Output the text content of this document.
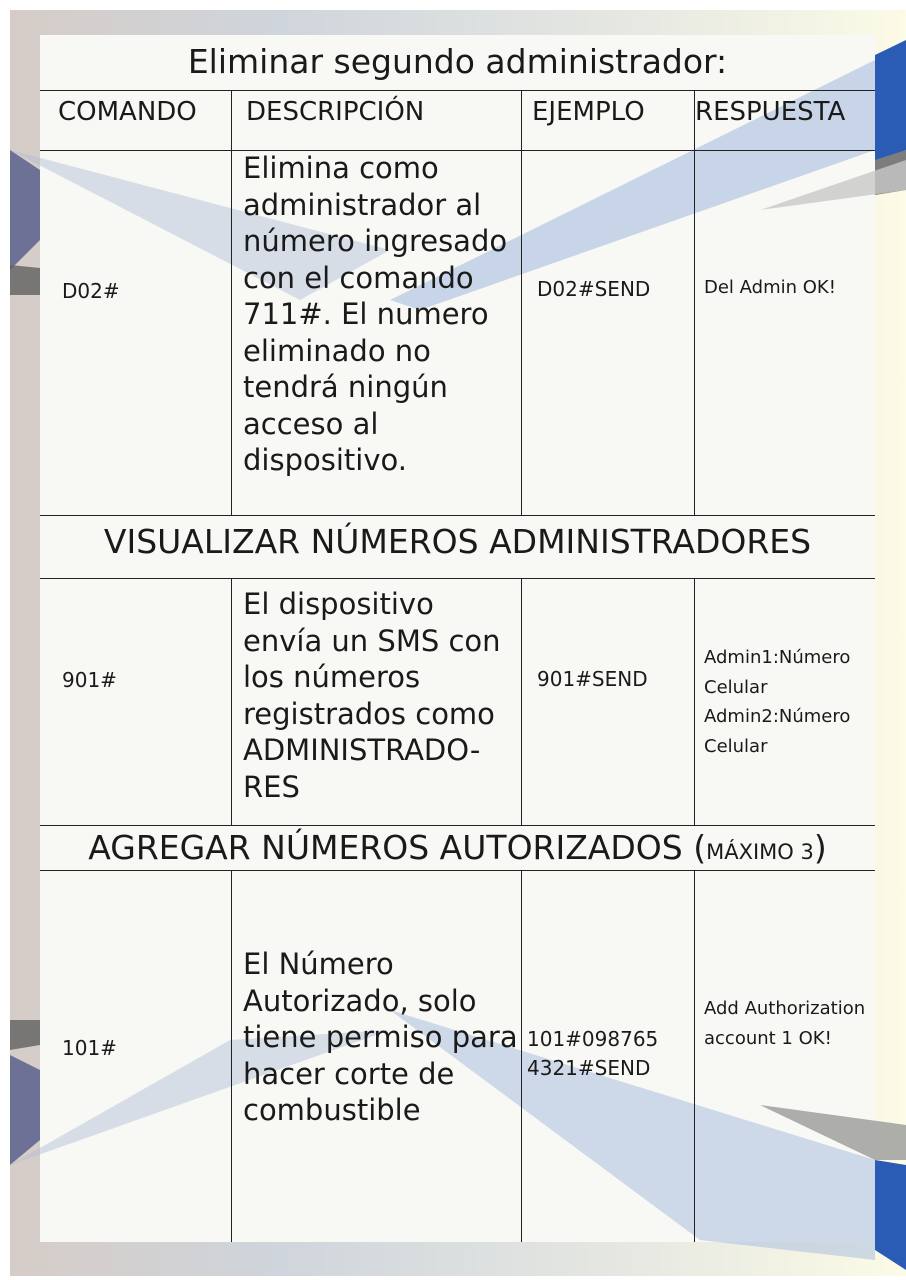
Eliminar segundo administrador:
COMANDO DESCRIPCIÓN	EJEMPLO RESPUESTA
D02#
Elimina como administrador al número ingresado con el comando 711#. El numero eliminado no tendrá ningún acceso al dispositivo.
D02#SEND	Del Admin OK!
VISUALIZAR NÚMEROS ADMINISTRADORES
901#
El dispositivo envía un SMS con los números registrados como ADMINISTRADO-RES
901#SEND
Admin1:Número Celular Admin2:Número Celular
AGREGAR NÚMEROS AUTORIZADOS (MÁXIMO 3)
101#
El Número Autorizado, solo tiene permiso para hacer corte de combustible
101#098765
4321#SEND
Add Authorization account 1 OK!
